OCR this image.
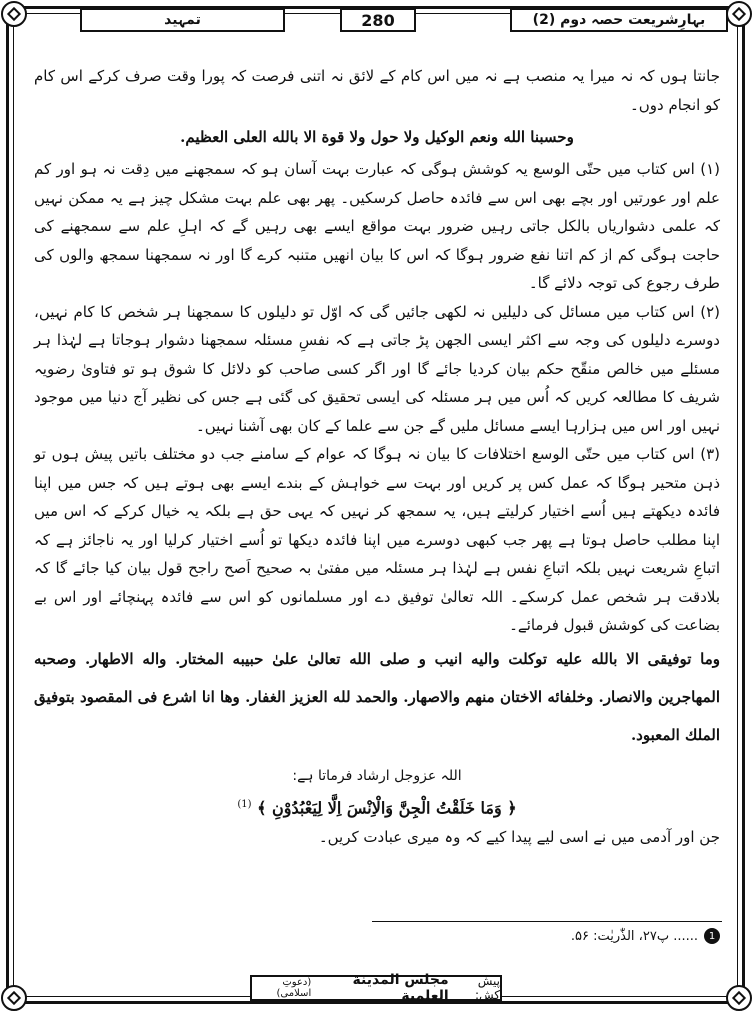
تمہید	280	بہارِشریعت حصہ دوم (2)

جانتا ہوں کہ نہ میرا یہ منصب ہے نہ میں اس کام کے لائق نہ اتنی فرصت کہ پورا وقت صرف کرکے اس کام کو انجام دوں۔

وحسبنا الله ونعم الوكيل ولا حول ولا قوة الا بالله العلى العظيم.

(۱) اس کتاب میں حتّی الوسع یہ کوشش ہوگی کہ عبارت بہت آسان ہو کہ سمجھنے میں دِقت نہ ہو اور کم علم اور عورتیں اور بچے بھی اس سے فائدہ حاصل کرسکیں۔ پھر بھی علم بہت مشکل چیز ہے یہ ممکن نہیں کہ علمی دشواریاں بالکل جاتی رہیں ضرور بہت مواقع ایسے بھی رہیں گے کہ اہلِ علم سے سمجھنے کی حاجت ہوگی کم از کم اتنا نفع ضرور ہوگا کہ اس کا بیان انھیں متنبہ کرے گا اور نہ سمجھنا سمجھ والوں کی طرف رجوع کی توجہ دلائے گا۔

(۲) اس کتاب میں مسائل کی دلیلیں نہ لکھی جائیں گی کہ اوّل تو دلیلوں کا سمجھنا ہر شخص کا کام نہیں، دوسرے دلیلوں کی وجہ سے اکثر ایسی الجھن پڑ جاتی ہے کہ نفسِ مسئلہ سمجھنا دشوار ہوجاتا ہے لہٰذا ہر مسئلے میں خالص منقّح حکم بیان کردیا جائے گا اور اگر کسی صاحب کو دلائل کا شوق ہو تو فتاویٰ رضویہ شریف کا مطالعہ کریں کہ اُس میں ہر مسئلہ کی ایسی تحقیق کی گئی ہے جس کی نظیر آج دنیا میں موجود نہیں اور اس میں ہزارہا ایسے مسائل ملیں گے جن سے علما کے کان بھی آشنا نہیں۔

(۳) اس کتاب میں حتّی الوسع اختلافات کا بیان نہ ہوگا کہ عوام کے سامنے جب دو مختلف باتیں پیش ہوں تو ذہن متحیر ہوگا کہ عمل کس پر کریں اور بہت سے خواہش کے بندے ایسے بھی ہوتے ہیں کہ جس میں اپنا فائدہ دیکھتے ہیں اُسے اختیار کرلیتے ہیں، یہ سمجھ کر نہیں کہ یہی حق ہے بلکہ یہ خیال کرکے کہ اس میں اپنا مطلب حاصل ہوتا ہے پھر جب کبھی دوسرے میں اپنا فائدہ دیکھا تو اُسے اختیار کرلیا اور یہ ناجائز ہے کہ اتباعِ شریعت نہیں بلکہ اتباعِ نفس ہے لہٰذا ہر مسئلہ میں مفتیٰ بہ صحیح اَصح راجح قول بیان کیا جائے گا کہ بلادقت ہر شخص عمل کرسکے۔ اللہ تعالیٰ توفیق دے اور مسلمانوں کو اس سے فائدہ پہنچائے اور اس بے بضاعت کی کوشش قبول فرمائے۔

وما توفيقى الا بالله عليه توكلت واليه انيب و صلى الله تعالىٰ علىٰ حبيبه المختار. واله الاطهار. وصحبه المهاجرين والانصار. وخلفائه الاختان منهم والاصهار. والحمد لله العزيز الغفار. وها انا اشرع فى المقصود بتوفيق الملك المعبود.

اللہ عزوجل ارشاد فرماتا ہے:

﴿ وَمَا خَلَقْتُ الْجِنَّ وَالْاِنْسَ اِلَّا لِيَعْبُدُوْنِ ﴾ $^{(1)}$

جن اور آدمی میں نے اسی لیے پیدا کیے کہ وہ میری عبادت کریں۔

1
...... پ۲۷، الذّٰریٰت: ۵۶.
پیش کش:
مجلس المدينة العلمية
(دعوتِ اسلامی)
